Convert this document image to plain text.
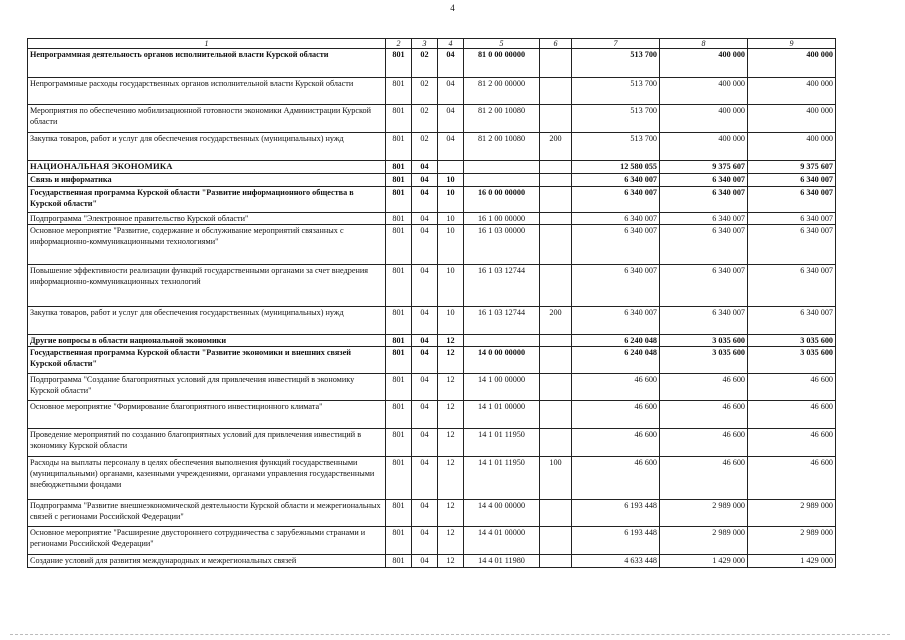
4
1	2	3	4	5	6	7	8	9
Непрограммная деятельность органов исполнительной власти Курской области	801	02	04	81 0 00 00000		513 700	400 000	400 000
Непрограммные расходы государственных органов исполнительной власти Курской области	801	02	04	81 2 00 00000		513 700	400 000	400 000
Мероприятия по обеспечению мобилизационной готовности экономики Администрации Курской области	801	02	04	81 2 00 10080		513 700	400 000	400 000
Закупка товаров, работ и услуг для обеспечения государственных (муниципальных) нужд	801	02	04	81 2 00 10080	200	513 700	400 000	400 000
НАЦИОНАЛЬНАЯ ЭКОНОМИКА	801	04				12 580 055	9 375 607	9 375 607
Связь и информатика	801	04	10			6 340 007	6 340 007	6 340 007
Государственная программа Курской области "Развитие информационного общества в Курской области"	801	04	10	16 0 00 00000		6 340 007	6 340 007	6 340 007
Подпрограмма "Электронное правительство Курской области"	801	04	10	16 1 00 00000		6 340 007	6 340 007	6 340 007
Основное мероприятие "Развитие, содержание и обслуживание мероприятий связанных с информационно-коммуникационными технологиями"	801	04	10	16 1 03 00000		6 340 007	6 340 007	6 340 007
Повышение эффективности реализации функций государственными органами за счет внедрения информационно-коммуникационных технологий	801	04	10	16 1 03 12744		6 340 007	6 340 007	6 340 007
Закупка товаров, работ и услуг для обеспечения государственных (муниципальных) нужд	801	04	10	16 1 03 12744	200	6 340 007	6 340 007	6 340 007
Другие вопросы в области национальной экономики	801	04	12			6 240 048	3 035 600	3 035 600
Государственная программа Курской области "Развитие экономики и внешних связей Курской области"	801	04	12	14 0 00 00000		6 240 048	3 035 600	3 035 600
Подпрограмма "Создание благоприятных условий для привлечения инвестиций в экономику Курской области"	801	04	12	14 1 00 00000		46 600	46 600	46 600
Основное мероприятие "Формирование благоприятного инвестиционного климата"	801	04	12	14 1 01 00000		46 600	46 600	46 600
Проведение мероприятий по созданию благоприятных условий для привлечения инвестиций в экономику Курской области	801	04	12	14 1 01 11950		46 600	46 600	46 600
Расходы на выплаты персоналу в целях обеспечения выполнения функций государственными (муниципальными) органами, казенными учреждениями, органами управления государственными внебюджетными фондами	801	04	12	14 1 01 11950	100	46 600	46 600	46 600
Подпрограмма "Развитие внешнеэкономической деятельности Курской области и межрегиональных связей с регионами Российской Федерации"	801	04	12	14 4 00 00000		6 193 448	2 989 000	2 989 000
Основное мероприятие "Расширение двустороннего сотрудничества с зарубежными странами и регионами Российской Федерации"	801	04	12	14 4 01 00000		6 193 448	2 989 000	2 989 000
Создание условий для развития международных и межрегиональных связей	801	04	12	14 4 01 11980		4 633 448	1 429 000	1 429 000
